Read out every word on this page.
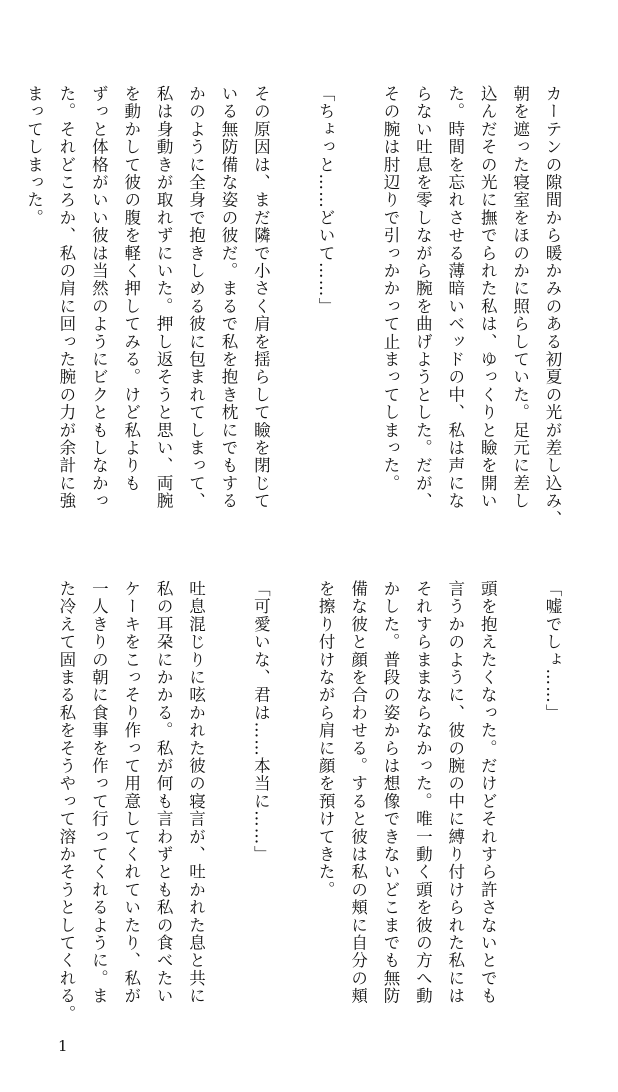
カーテンの隙間から暖かみのある初夏の光が差し込み、
朝を遮った寝室をほのかに照らしていた。足元に差し
込んだその光に撫でられた私は、ゆっくりと瞼を開い
た。時間を忘れさせる薄暗いベッドの中、私は声にな
らない吐息を零しながら腕を曲げようとした。だが、
その腕は肘辺りで引っかかって止まってしまった。
「ちょっと……どいて……」
その原因は、まだ隣で小さく肩を揺らして瞼を閉じて
いる無防備な姿の彼だ。まるで私を抱き枕にでもする
かのように全身で抱きしめる彼に包まれてしまって、
私は身動きが取れずにいた。押し返そうと思い、両腕
を動かして彼の腹を軽く押してみる。けど私よりも
ずっと体格がいい彼は当然のようにビクともしなかっ
た。それどころか、私の肩に回った腕の力が余計に強
まってしまった。
「嘘でしょ……」
頭を抱えたくなった。だけどそれすら許さないとでも
言うかのように、彼の腕の中に縛り付けられた私には
それすらままならなかった。唯一動く頭を彼の方へ動
かした。普段の姿からは想像できないどこまでも無防
備な彼と顔を合わせる。すると彼は私の頬に自分の頬
を擦り付けながら肩に顔を預けてきた。
「可愛いな、君は……本当に……」
吐息混じりに呟かれた彼の寝言が、吐かれた息と共に
私の耳朶にかかる。私が何も言わずとも私の食べたい
ケーキをこっそり作って用意してくれていたり、私が
一人きりの朝に食事を作って行ってくれるように。ま
た冷えて固まる私をそうやって溶かそうとしてくれる。
1
